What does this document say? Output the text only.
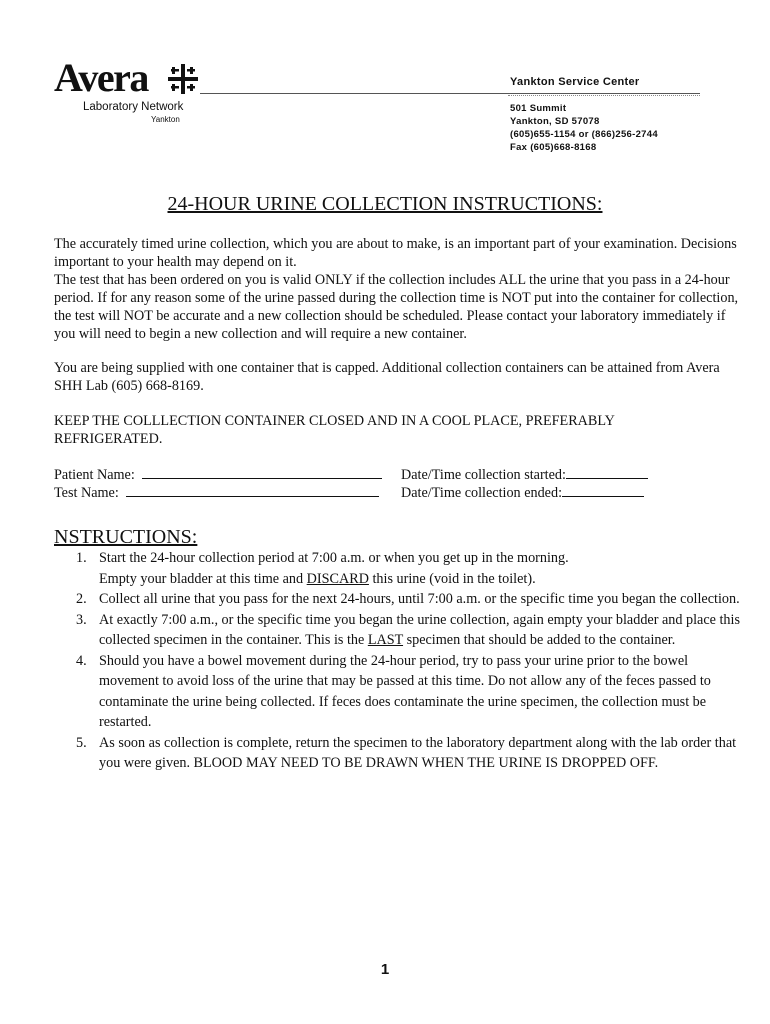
Avera
Laboratory Network
Yankton
Yankton Service Center
501 Summit
Yankton, SD 57078
(605)655-1154 or (866)256-2744
Fax (605)668-8168
24-HOUR URINE COLLECTION INSTRUCTIONS:

The accurately timed urine collection, which you are about to make, is an important part of your examination. Decisions important to your health may depend on it.

The test that has been ordered on you is valid ONLY if the collection includes ALL the urine that you pass in a 24-hour period. If for any reason some of the urine passed during the collection time is NOT put into the container for collection, the test will NOT be accurate and a new collection should be scheduled. Please contact your laboratory immediately if you will need to begin a new collection and will require a new container.

You are being supplied with one container that is capped. Additional collection containers can be attained from Avera SHH Lab (605) 668-8169.

KEEP THE COLLLECTION CONTAINER CLOSED AND IN A COOL PLACE, PREFERABLY REFRIGERATED.

Patient Name:
Test Name:
Date/Time collection started:
Date/Time collection ended:
NSTRUCTIONS:
1. Start the 24-hour collection period at 7:00 a.m. or when you get up in the morning.
Empty your bladder at this time and DISCARD this urine (void in the toilet).
2. Collect all urine that you pass for the next 24-hours, until 7:00 a.m. or the specific time you began the collection.
3. At exactly 7:00 a.m., or the specific time you began the urine collection, again empty your bladder and place this collected specimen in the container. This is the LAST specimen that should be added to the container.
4. Should you have a bowel movement during the 24-hour period, try to pass your urine prior to the bowel movement to avoid loss of the urine that may be passed at this time. Do not allow any of the feces passed to contaminate the urine being collected. If feces does contaminate the urine specimen, the collection must be restarted.
5. As soon as collection is complete, return the specimen to the laboratory department along with the lab order that you were given. BLOOD MAY NEED TO BE DRAWN WHEN THE URINE IS DROPPED OFF.
1
